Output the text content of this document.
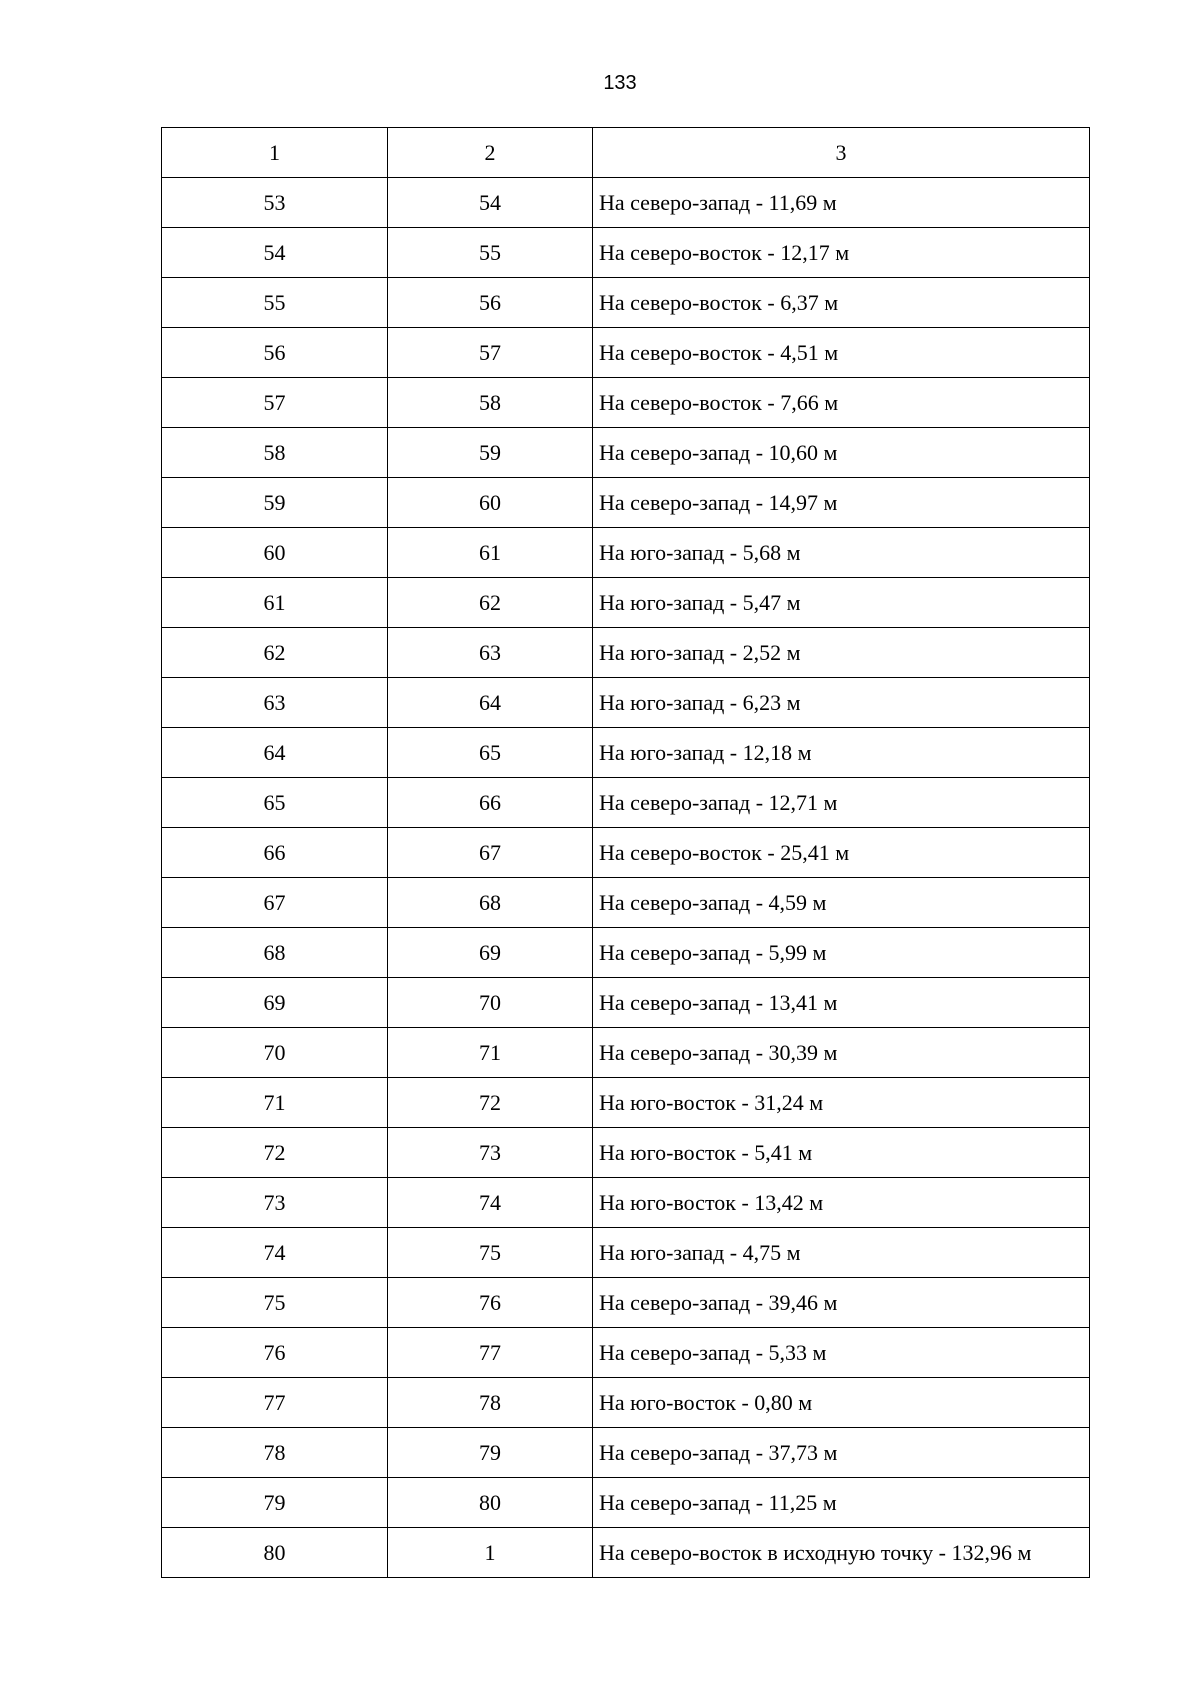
133
1	2	3
53	54	На северо-запад - 11,69 м
54	55	На северо-восток - 12,17 м
55	56	На северо-восток - 6,37 м
56	57	На северо-восток - 4,51 м
57	58	На северо-восток - 7,66 м
58	59	На северо-запад - 10,60 м
59	60	На северо-запад - 14,97 м
60	61	На юго-запад - 5,68 м
61	62	На юго-запад - 5,47 м
62	63	На юго-запад - 2,52 м
63	64	На юго-запад - 6,23 м
64	65	На юго-запад - 12,18 м
65	66	На северо-запад - 12,71 м
66	67	На северо-восток - 25,41 м
67	68	На северо-запад - 4,59 м
68	69	На северо-запад - 5,99 м
69	70	На северо-запад - 13,41 м
70	71	На северо-запад - 30,39 м
71	72	На юго-восток - 31,24 м
72	73	На юго-восток - 5,41 м
73	74	На юго-восток - 13,42 м
74	75	На юго-запад - 4,75 м
75	76	На северо-запад - 39,46 м
76	77	На северо-запад - 5,33 м
77	78	На юго-восток - 0,80 м
78	79	На северо-запад - 37,73 м
79	80	На северо-запад - 11,25 м
80	1	На северо-восток в исходную точку - 132,96 м
